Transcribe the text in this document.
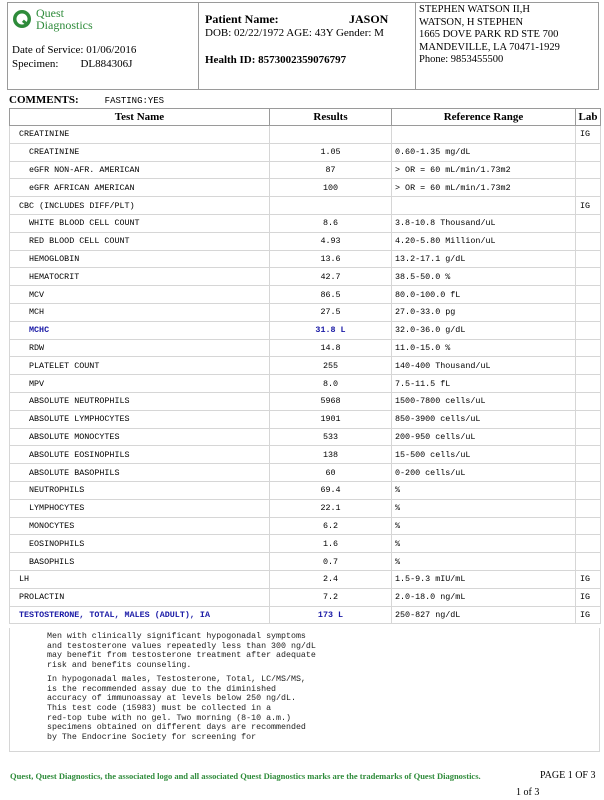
Quest
Diagnostics
Date of Service: 01/06/2016
Specimen: DL884306J
Patient Name:	JASON
DOB: 02/22/1972 AGE: 43Y Gender: M
Health ID: 8573002359076797
STEPHEN WATSON II,H
WATSON, H STEPHEN
1665 DOVE PARK RD STE 700
MANDEVILLE, LA 70471-1929
Phone: 9853455500
COMMENTS:	FASTING:YES
Test Name	Results	Reference Range	Lab
CREATININE			IG
CREATININE	1.05	0.60-1.35 mg/dL	
eGFR NON-AFR. AMERICAN	87	> OR = 60 mL/min/1.73m2	
eGFR AFRICAN AMERICAN	100	> OR = 60 mL/min/1.73m2	
CBC (INCLUDES DIFF/PLT)			IG
WHITE BLOOD CELL COUNT	8.6	3.8-10.8 Thousand/uL	
RED BLOOD CELL COUNT	4.93	4.20-5.80 Million/uL	
HEMOGLOBIN	13.6	13.2-17.1 g/dL	
HEMATOCRIT	42.7	38.5-50.0 %	
MCV	86.5	80.0-100.0 fL	
MCH	27.5	27.0-33.0 pg	
MCHC	31.8 L	32.0-36.0 g/dL	
RDW	14.8	11.0-15.0 %	
PLATELET COUNT	255	140-400 Thousand/uL	
MPV	8.0	7.5-11.5 fL	
ABSOLUTE NEUTROPHILS	5968	1500-7800 cells/uL	
ABSOLUTE LYMPHOCYTES	1901	850-3900 cells/uL	
ABSOLUTE MONOCYTES	533	200-950 cells/uL	
ABSOLUTE EOSINOPHILS	138	15-500 cells/uL	
ABSOLUTE BASOPHILS	60	0-200 cells/uL	
NEUTROPHILS	69.4	%	
LYMPHOCYTES	22.1	%	
MONOCYTES	6.2	%	
EOSINOPHILS	1.6	%	
BASOPHILS	0.7	%	
LH	2.4	1.5-9.3 mIU/mL	IG
PROLACTIN	7.2	2.0-18.0 ng/mL	IG
TESTOSTERONE, TOTAL, MALES (ADULT), IA	173 L	250-827 ng/dL	IG

Men with clinically significant hypogonadal symptoms
and testosterone values repeatedly less than 300 ng/dL
may benefit from testosterone treatment after adequate
risk and benefits counseling.

In hypogonadal males, Testosterone, Total, LC/MS/MS,
is the recommended assay due to the diminished
accuracy of immunoassay at levels below 250 ng/dL.
This test code (15983) must be collected in a
red-top tube with no gel. Two morning (8-10 a.m.)
specimens obtained on different days are recommended
by The Endocrine Society for screening for

Quest, Quest Diagnostics, the associated logo and all associated Quest Diagnostics marks are the trademarks of Quest Diagnostics.	PAGE 1 OF 3
1 of 3
